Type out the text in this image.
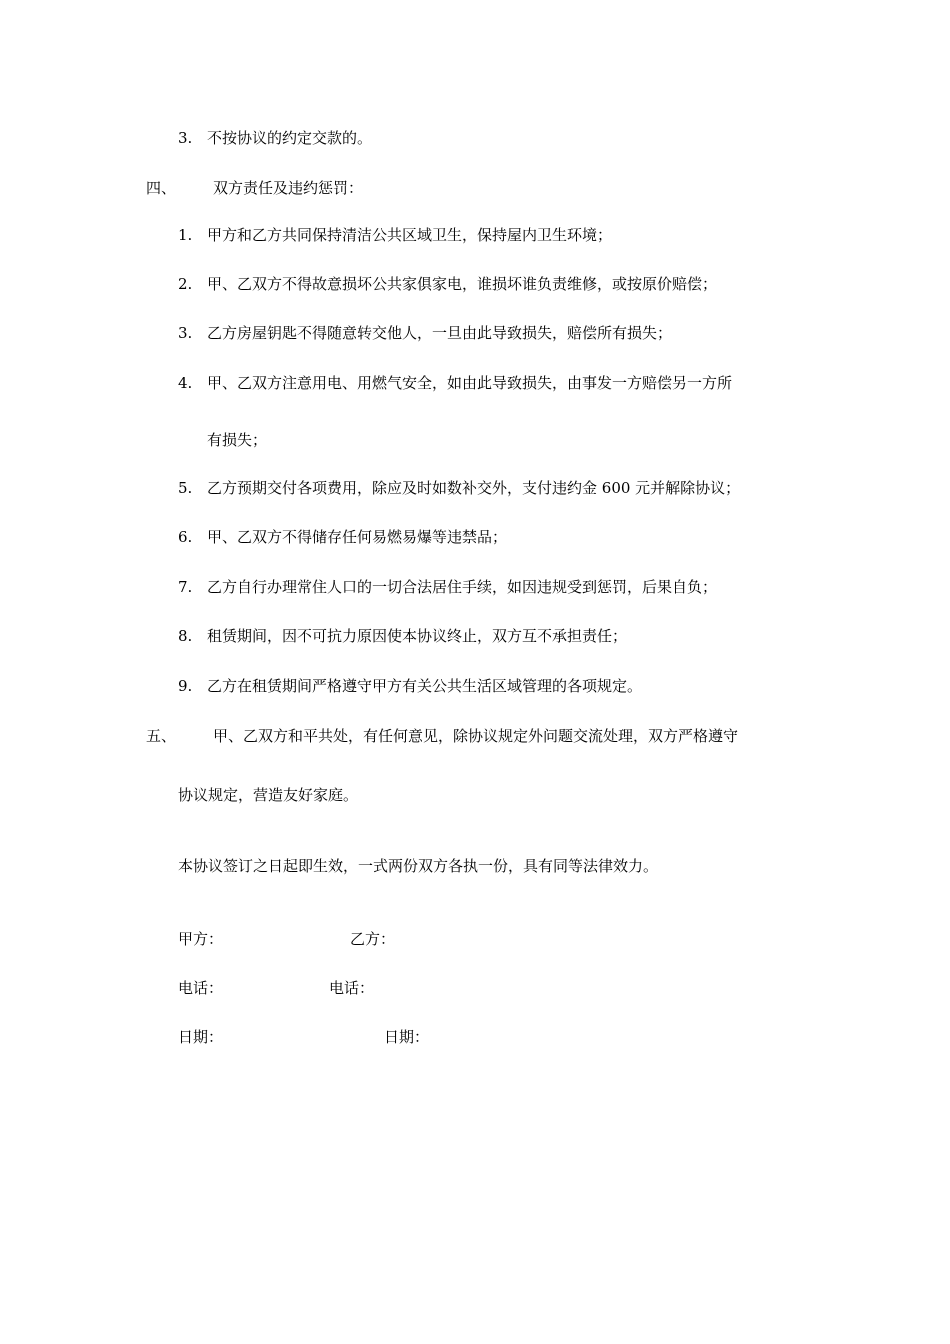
3. 不按协议的约定交款的。
四、 双方责任及违约惩罚：
1. 甲方和乙方共同保持清洁公共区域卫生，保持屋内卫生环境；
2. 甲、乙双方不得故意损坏公共家俱家电，谁损坏谁负责维修，或按原价赔偿；
3. 乙方房屋钥匙不得随意转交他人，一旦由此导致损失，赔偿所有损失；
4. 甲、乙双方注意用电、用燃气安全，如由此导致损失，由事发一方赔偿另一方所
有损失；
5. 乙方预期交付各项费用，除应及时如数补交外，支付违约金 600 元并解除协议；
6. 甲、乙双方不得储存任何易燃易爆等违禁品；
7. 乙方自行办理常住人口的一切合法居住手续，如因违规受到惩罚，后果自负；
8. 租赁期间，因不可抗力原因使本协议终止，双方互不承担责任；
9. 乙方在租赁期间严格遵守甲方有关公共生活区域管理的各项规定。
五、 甲、乙双方和平共处，有任何意见，除协议规定外问题交流处理，双方严格遵守
协议规定，营造友好家庭。
本协议签订之日起即生效，一式两份双方各执一份，具有同等法律效力。
甲方：	乙方：
电话：	电话：
日期：	日期：
